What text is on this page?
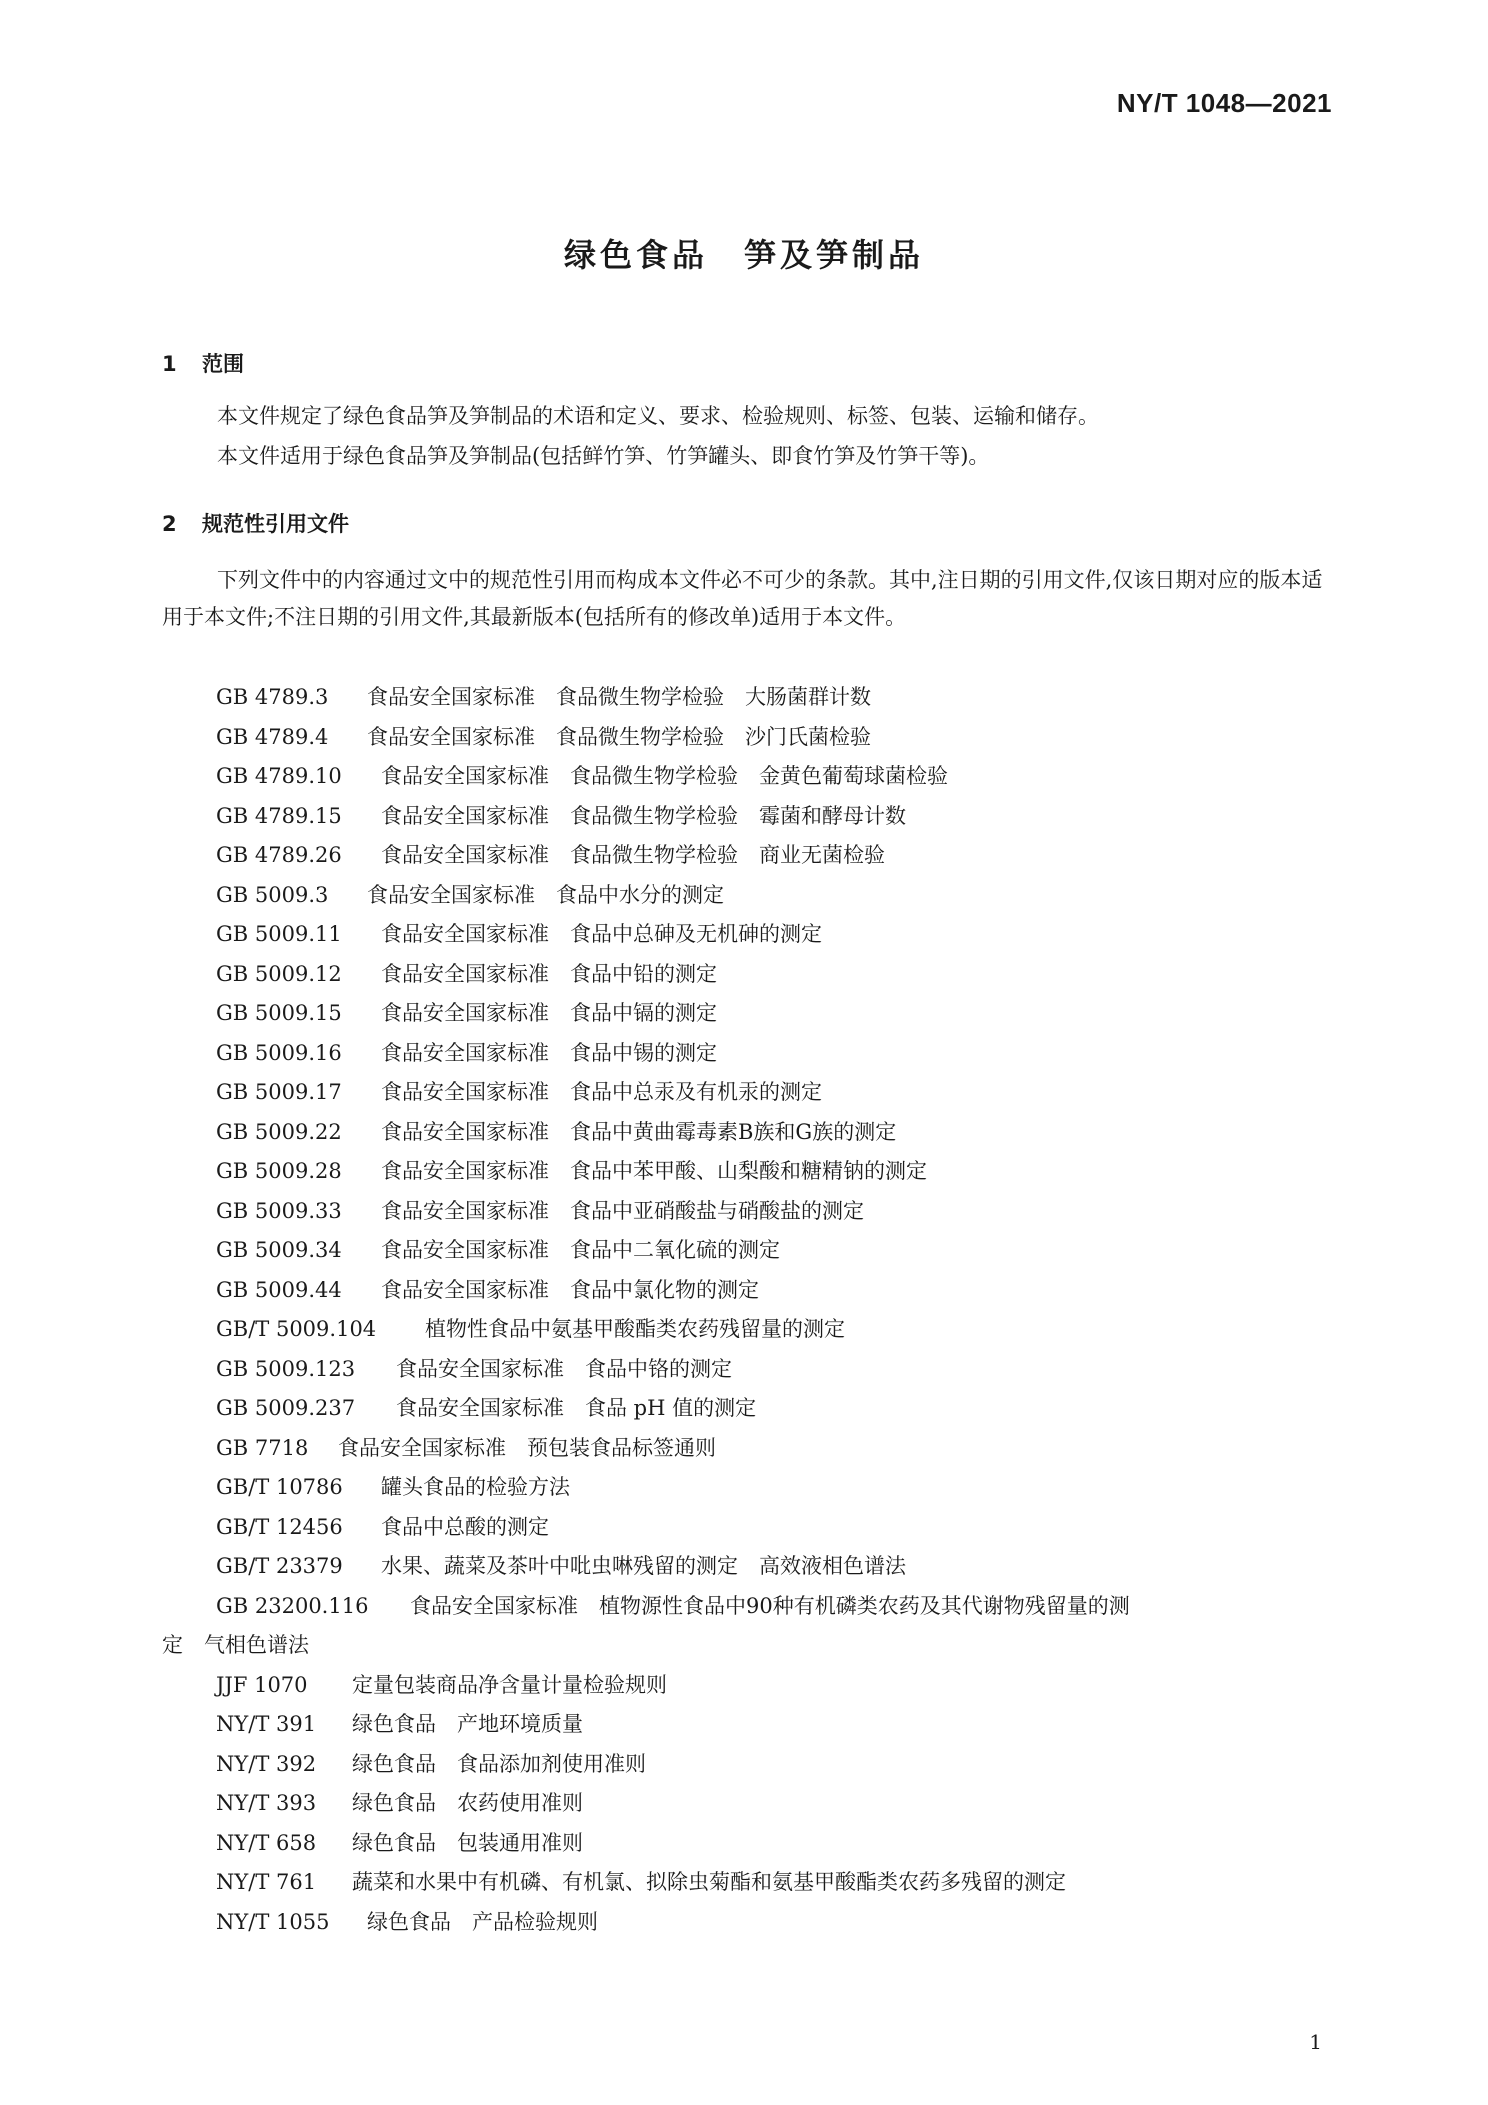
NY/T 1048—2021
绿色食品 笋及笋制品
1 范围

本文件规定了绿色食品笋及笋制品的术语和定义、要求、检验规则、标签、包装、运输和储存。

本文件适用于绿色食品笋及笋制品(包括鲜竹笋、竹笋罐头、即食竹笋及竹笋干等)。

2 规范性引用文件

下列文件中的内容通过文中的规范性引用而构成本文件必不可少的条款。其中,注日期的引用文件,仅该日期对应的版本适用于本文件;不注日期的引用文件,其最新版本(包括所有的修改单)适用于本文件。

GB 4789.3 食品安全国家标准　食品微生物学检验　大肠菌群计数
GB 4789.4 食品安全国家标准　食品微生物学检验　沙门氏菌检验
GB 4789.10 食品安全国家标准　食品微生物学检验　金黄色葡萄球菌检验
GB 4789.15 食品安全国家标准　食品微生物学检验　霉菌和酵母计数
GB 4789.26 食品安全国家标准　食品微生物学检验　商业无菌检验
GB 5009.3 食品安全国家标准　食品中水分的测定
GB 5009.11 食品安全国家标准　食品中总砷及无机砷的测定
GB 5009.12 食品安全国家标准　食品中铅的测定
GB 5009.15 食品安全国家标准　食品中镉的测定
GB 5009.16 食品安全国家标准　食品中锡的测定
GB 5009.17 食品安全国家标准　食品中总汞及有机汞的测定
GB 5009.22 食品安全国家标准　食品中黄曲霉毒素B族和G族的测定
GB 5009.28 食品安全国家标准　食品中苯甲酸、山梨酸和糖精钠的测定
GB 5009.33 食品安全国家标准　食品中亚硝酸盐与硝酸盐的测定
GB 5009.34 食品安全国家标准　食品中二氧化硫的测定
GB 5009.44 食品安全国家标准　食品中氯化物的测定
GB/T 5009.104 植物性食品中氨基甲酸酯类农药残留量的测定
GB 5009.123 食品安全国家标准　食品中铬的测定
GB 5009.237 食品安全国家标准　食品 pH 值的测定
GB 7718 食品安全国家标准　预包装食品标签通则
GB/T 10786 罐头食品的检验方法
GB/T 12456 食品中总酸的测定
GB/T 23379 水果、蔬菜及茶叶中吡虫啉残留的测定　高效液相色谱法
GB 23200.116 食品安全国家标准　植物源性食品中90种有机磷类农药及其代谢物残留量的测
定　气相色谱法
JJF 1070 定量包装商品净含量计量检验规则
NY/T 391 绿色食品　产地环境质量
NY/T 392 绿色食品　食品添加剂使用准则
NY/T 393 绿色食品　农药使用准则
NY/T 658 绿色食品　包装通用准则
NY/T 761 蔬菜和水果中有机磷、有机氯、拟除虫菊酯和氨基甲酸酯类农药多残留的测定
NY/T 1055 绿色食品　产品检验规则
1
